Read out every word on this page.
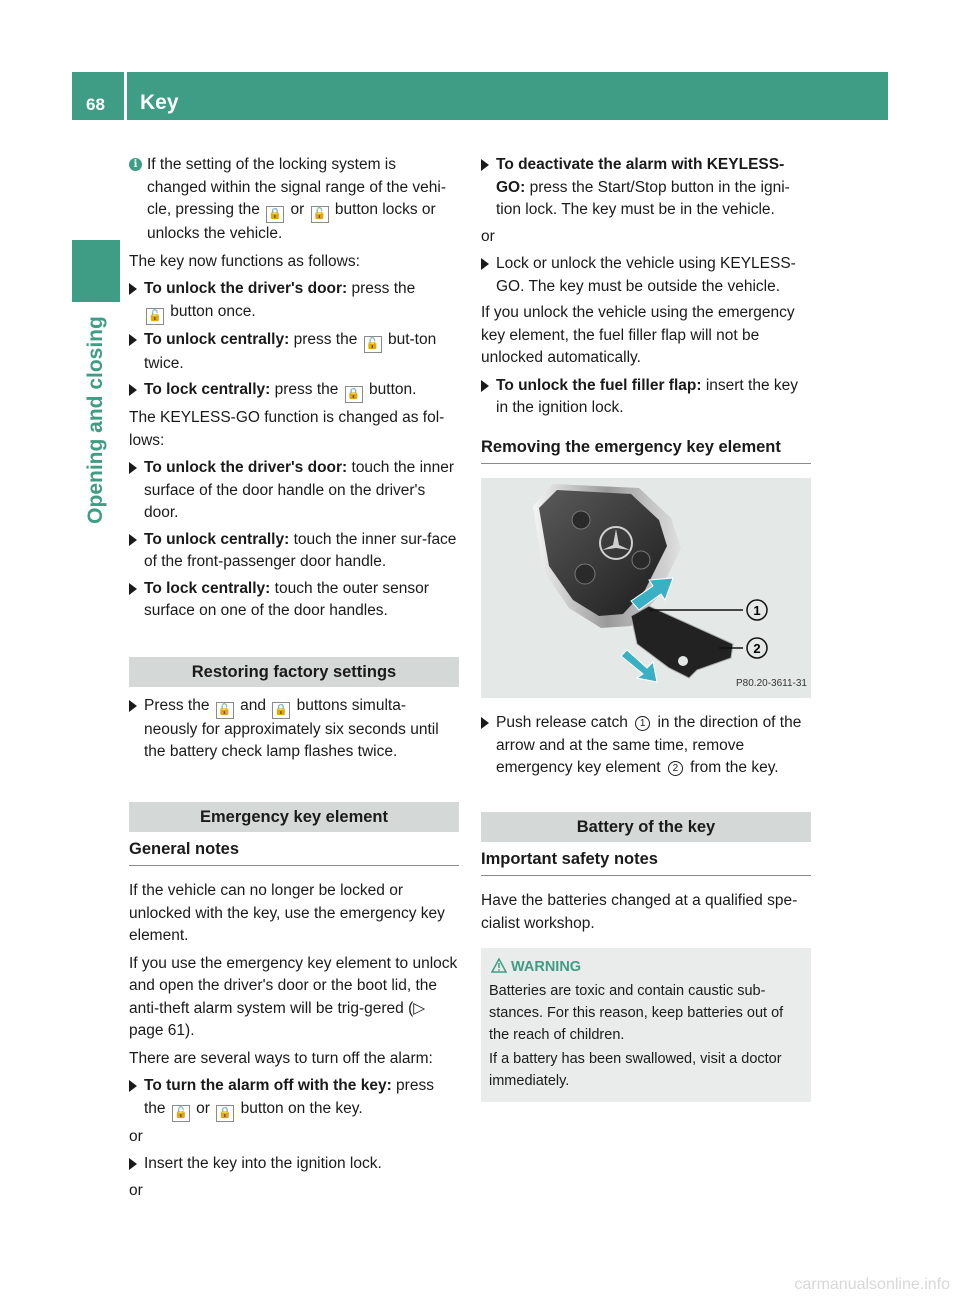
68 Key
Opening and closing

i If the setting of the locking system is changed within the signal range of the vehi-cle, pressing the 🔒 or 🔓 button locks or unlocks the vehicle.

The key now functions as follows:

To unlock the driver's door: press the
🔓 button once.
To unlock centrally: press the 🔓 but-ton twice.
To lock centrally: press the 🔒 button.

The KEYLESS-GO function is changed as fol-lows:

To unlock the driver's door: touch the inner surface of the door handle on the driver's door.
To unlock centrally: touch the inner sur-face of the front-passenger door handle.
To lock centrally: touch the outer sensor surface on one of the door handles.
Restoring factory settings
Press the 🔓 and 🔒 buttons simulta-neously for approximately six seconds until the battery check lamp flashes twice.
Emergency key element
General notes

If the vehicle can no longer be locked or unlocked with the key, use the emergency key element.

If you use the emergency key element to unlock and open the driver's door or the boot lid, the anti-theft alarm system will be trig-gered (▷ page 61).

There are several ways to turn off the alarm:

To turn the alarm off with the key: press the 🔓 or 🔒 button on the key.

or

Insert the key into the ignition lock.

or

To deactivate the alarm with KEYLESS-GO: press the Start/Stop button in the igni-tion lock. The key must be in the vehicle.

or

Lock or unlock the vehicle using KEYLESS-GO. The key must be outside the vehicle.

If you unlock the vehicle using the emergency key element, the fuel filler flap will not be unlocked automatically.

To unlock the fuel filler flap: insert the key in the ignition lock.
Removing the emergency key element
1
2
P80.20-3611-31
Push release catch 1 in the direction of the arrow and at the same time, remove emergency key element 2 from the key.
Battery of the key
Important safety notes

Have the batteries changed at a qualified spe-cialist workshop.

WARNING

Batteries are toxic and contain caustic sub-stances. For this reason, keep batteries out of the reach of children.

If a battery has been swallowed, visit a doctor immediately.

carmanualsonline.info
